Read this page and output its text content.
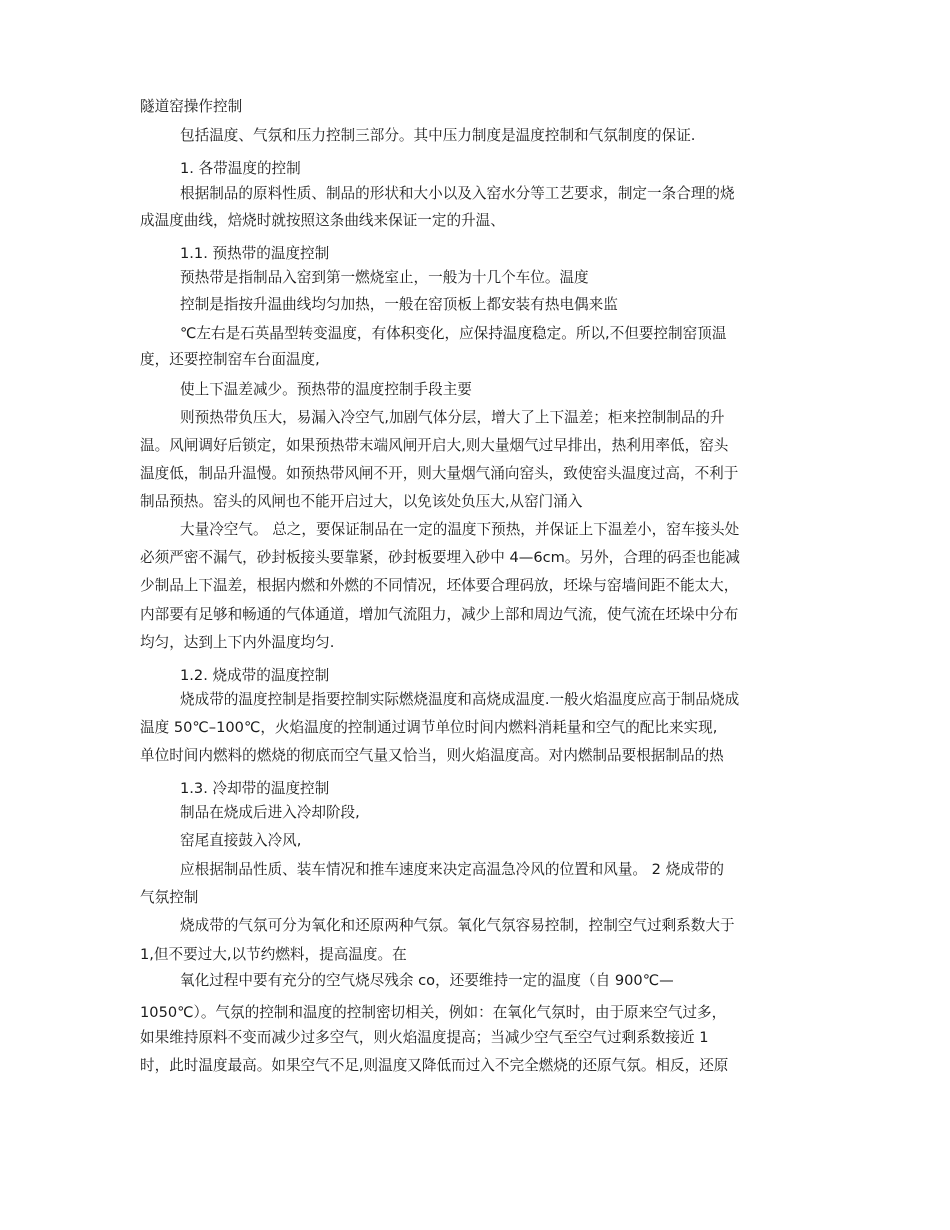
隧道窑操作控制
包括温度、气氛和压力控制三部分。其中压力制度是温度控制和气氛制度的保证.
1. 各带温度的控制
根据制品的原料性质、制品的形状和大小以及入窑水分等工艺要求，制定一条合理的烧
成温度曲线，焙烧时就按照这条曲线来保证一定的升温、
1.1. 预热带的温度控制
预热带是指制品入窑到第一燃烧室止，一般为十几个车位。温度
控制是指按升温曲线均匀加热，一般在窑顶板上都安装有热电偶来监
℃左右是石英晶型转变温度，有体积变化，应保持温度稳定。所以,不但要控制窑顶温
度，还要控制窑车台面温度,
使上下温差减少。预热带的温度控制手段主要
则预热带负压大，易漏入冷空气,加剧气体分层，增大了上下温差；柜来控制制品的升
温。风闸调好后锁定，如果预热带末端风闸开启大,则大量烟气过早排出，热利用率低，窑头
温度低，制品升温慢。如预热带风闸不开，则大量烟气涌向窑头，致使窑头温度过高，不利于
制品预热。窑头的风闸也不能开启过大，以免该处负压大,从窑门涌入
大量冷空气。 总之，要保证制品在一定的温度下预热，并保证上下温差小，窑车接头处
必须严密不漏气，砂封板接头要靠紧，砂封板要埋入砂中 4—6cm。另外，合理的码歪也能减
少制品上下温差，根据内燃和外燃的不同情况，坯体要合理码放，坯垛与窑墙间距不能太大，
内部要有足够和畅通的气体通道，增加气流阻力，减少上部和周边气流，使气流在坯垛中分布
均匀，达到上下内外温度均匀.
1.2. 烧成带的温度控制
烧成带的温度控制是指要控制实际燃烧温度和高烧成温度.一般火焰温度应高于制品烧成
温度 50℃–100℃，火焰温度的控制通过调节单位时间内燃料消耗量和空气的配比来实现,
单位时间内燃料的燃烧的彻底而空气量又恰当，则火焰温度高。对内燃制品要根据制品的热
1.3. 冷却带的温度控制
制品在烧成后进入冷却阶段,
窑尾直接鼓入冷风,
应根据制品性质、装车情况和推车速度来决定高温急冷风的位置和风量。 2 烧成带的
气氛控制
烧成带的气氛可分为氧化和还原两种气氛。氧化气氛容易控制，控制空气过剩系数大于
1,但不要过大,以节约燃料，提高温度。在
氧化过程中要有充分的空气烧尽残余 co，还要维持一定的温度（自 900℃—
1050℃）。气氛的控制和温度的控制密切相关，例如：在氧化气氛时，由于原来空气过多，
如果维持原料不变而减少过多空气，则火焰温度提高；当减少空气至空气过剩系数接近 1
时，此时温度最高。如果空气不足,则温度又降低而过入不完全燃烧的还原气氛。相反，还原
